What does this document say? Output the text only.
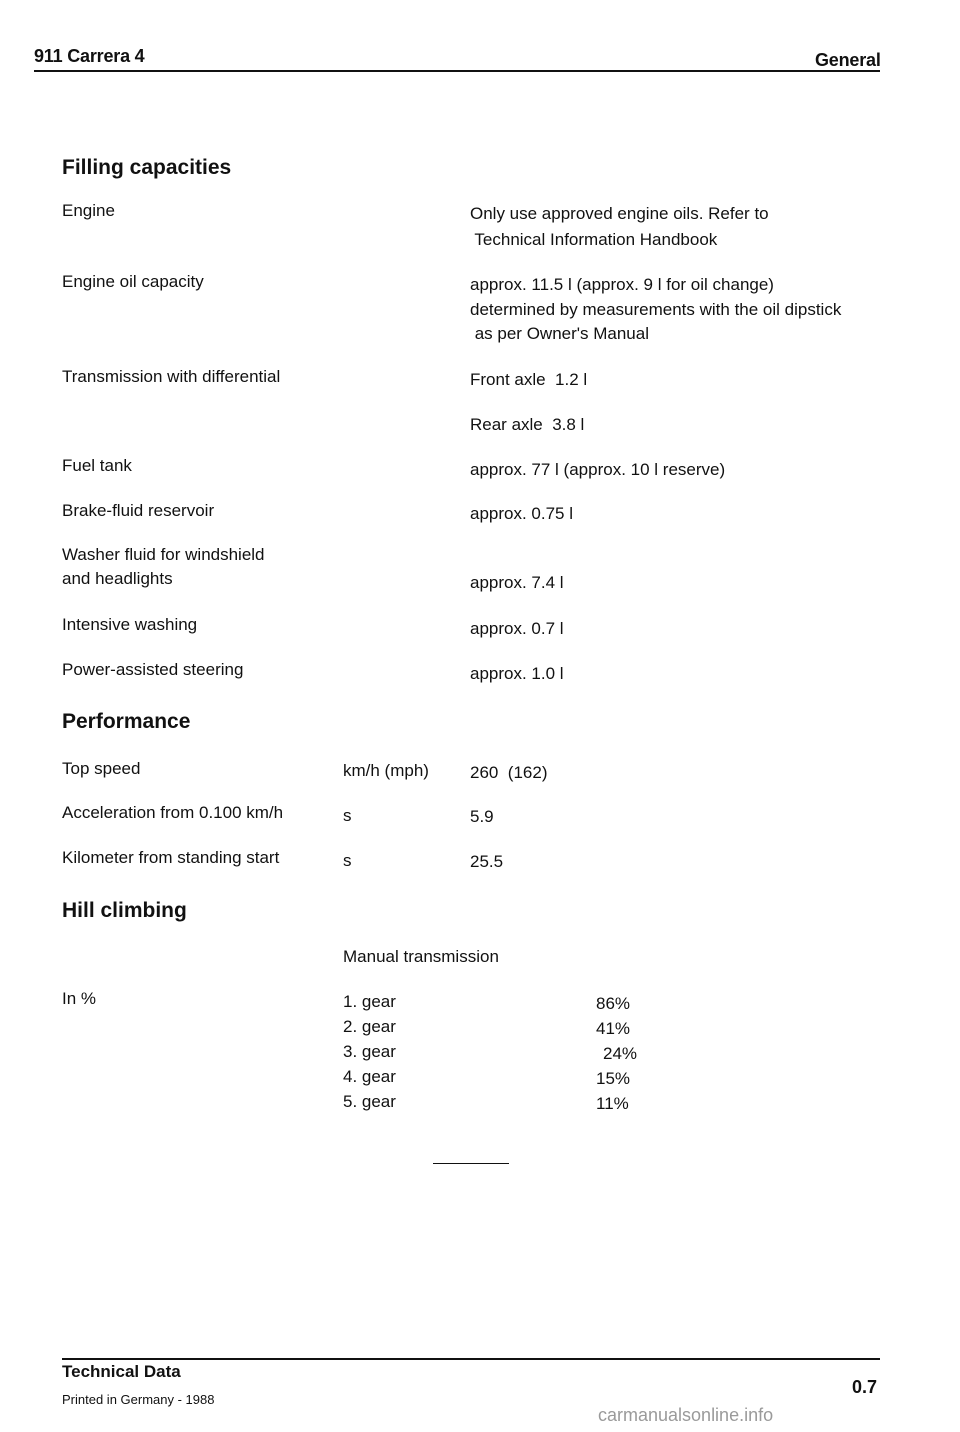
911 Carrera 4	General
Filling capacities
Engine	Only use approved engine oils. Refer to
Technical Information Handbook
Engine oil capacity	approx. 11.5 l (approx. 9 l for oil change)
determined by measurements with the oil dipstick
as per Owner's Manual
Transmission with differential	Front axle  1.2 l
Rear axle  3.8 l
Fuel tank	approx. 77 l (approx. 10 l reserve)
Brake-fluid reservoir	approx. 0.75 l
Washer fluid for windshield
and headlights	approx. 7.4 l
Intensive washing	approx. 0.7 l
Power-assisted steering	approx. 1.0 l
Performance
Top speed	km/h (mph) 260  (162)
Acceleration from 0.100 km/h	s	5.9
Kilometer from standing start	s	25.5
Hill climbing
Manual transmission
In %	1. gear	86%
2. gear	41%
3. gear	24%
4. gear	15%
5. gear	11%
Technical Data
Printed in Germany - 1988
0.7
carmanualsonline.info
